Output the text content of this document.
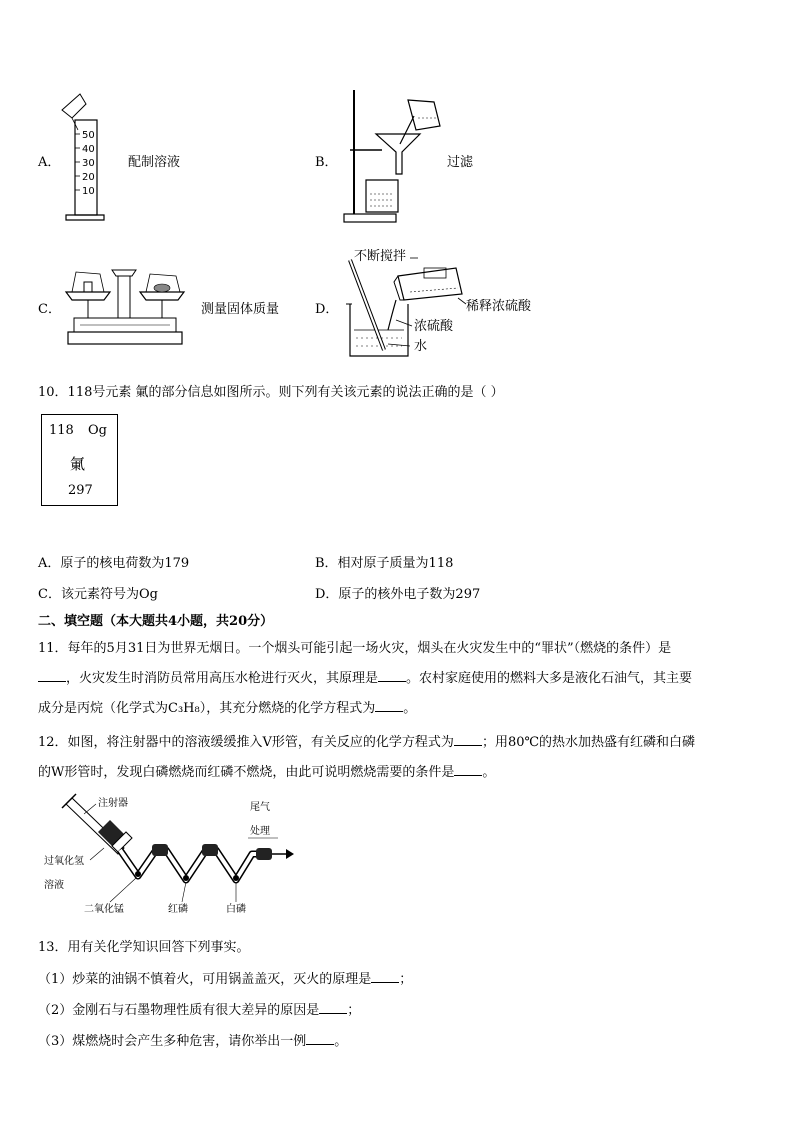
A．
50
40
30
20
10
配制溶液	B．	过滤
C．	测量固体质量	D．
不断搅拌
稀释浓硫酸
浓硫酸
水
10．118号元素 氭的部分信息如图所示。则下列有关该元素的说法正确的是（ ）
118 Og
氭
297
A．原子的核电荷数为179	B．相对原子质量为118
C．该元素符号为Og	D．原子的核外电子数为297
二、填空题（本大题共4小题，共20分）
11．每年的5月31日为世界无烟日。一个烟头可能引起一场火灾，烟头在火灾发生中的“罪状”（燃烧的条件）是
，火灾发生时消防员常用高压水枪进行灭火，其原理是 。农村家庭使用的燃料大多是液化石油气，其主要
成分是丙烷（化学式为C₃H₈），其充分燃烧的化学方程式为 。
12．如图，将注射器中的溶液缓缓推入V形管，有关反应的化学方程式为 ；用80℃的热水加热盛有红磷和白磷
的W形管时，发现白磷燃烧而红磷不燃烧，由此可说明燃烧需要的条件是 。
注射器
过氧化氢
溶液
二氧化锰	红磷	白磷
尾气
处理
13．用有关化学知识回答下列事实。
（1）炒菜的油锅不慎着火，可用锅盖盖灭，灭火的原理是 ；
（2）金刚石与石墨物理性质有很大差异的原因是 ；
（3）煤燃烧时会产生多种危害，请你举出一例 。
